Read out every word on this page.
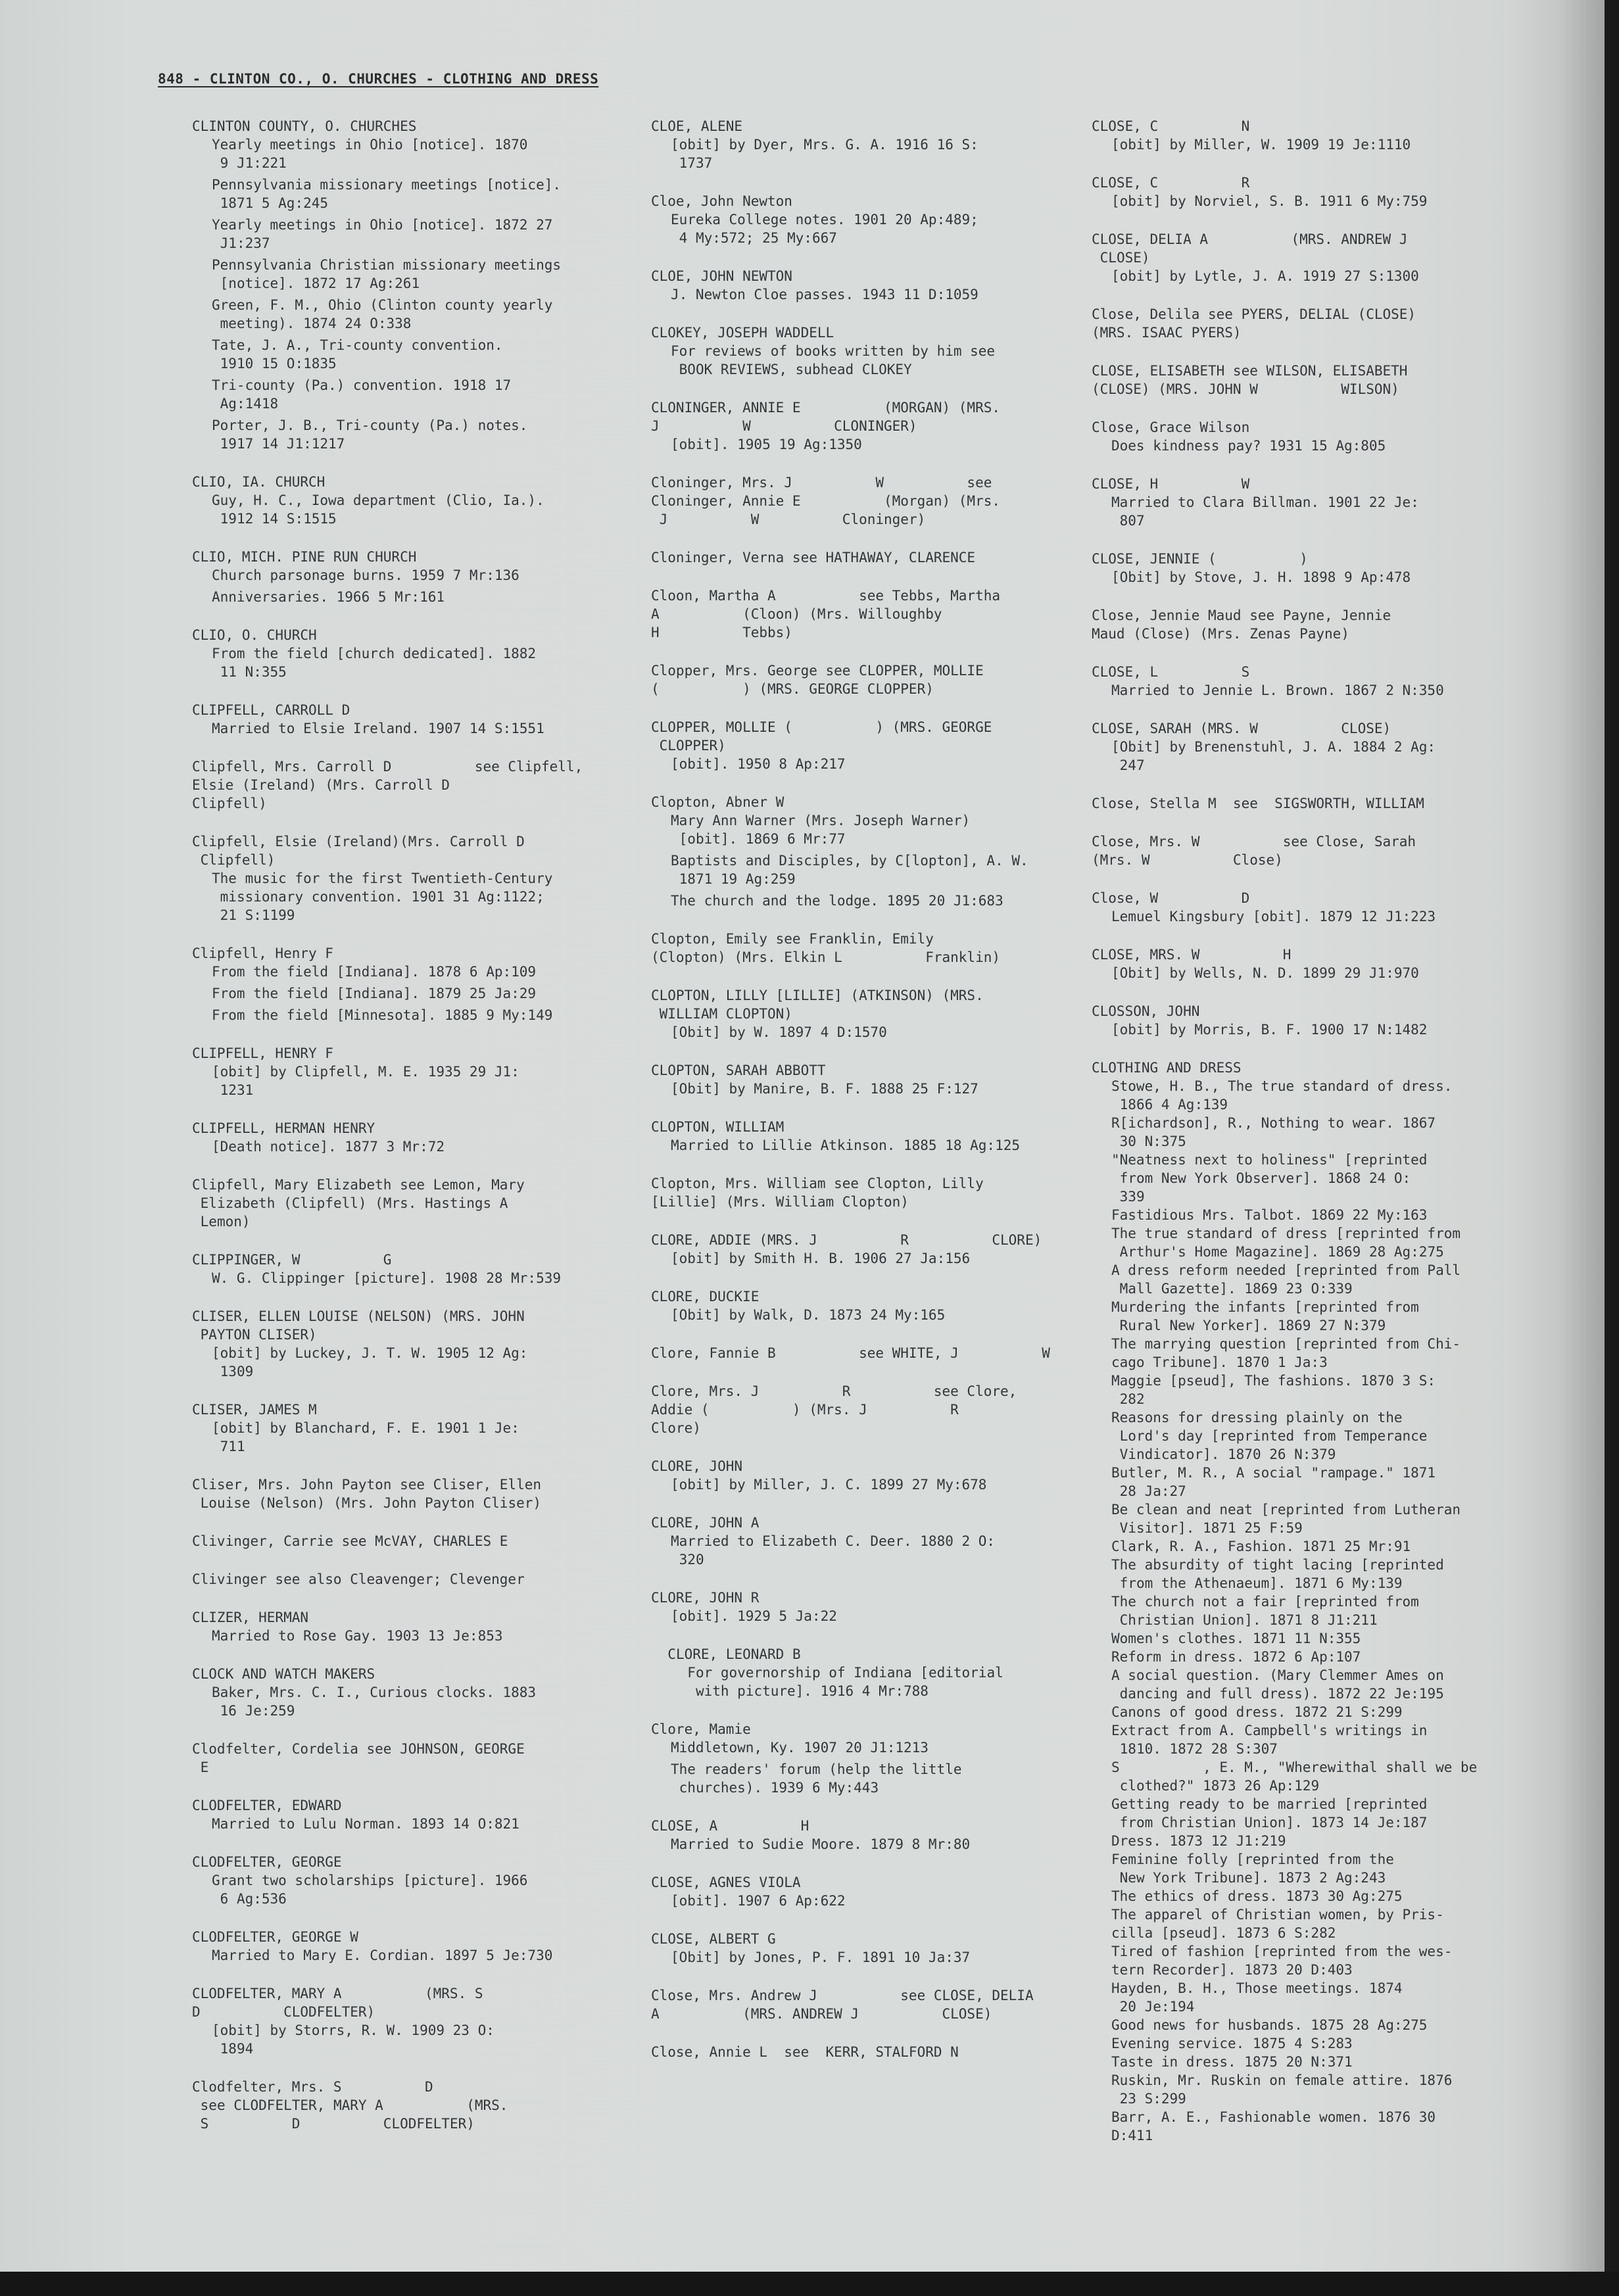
848 - CLINTON CO., O. CHURCHES - CLOTHING AND DRESS
CLINTON COUNTY, O. CHURCHES
Yearly meetings in Ohio [notice]. 1870
9 J1:221
Pennsylvania missionary meetings [notice].
1871 5 Ag:245
Yearly meetings in Ohio [notice]. 1872 27
J1:237
Pennsylvania Christian missionary meetings
[notice]. 1872 17 Ag:261
Green, F. M., Ohio (Clinton county yearly
meeting). 1874 24 O:338
Tate, J. A., Tri-county convention.
1910 15 O:1835
Tri-county (Pa.) convention. 1918 17
Ag:1418
Porter, J. B., Tri-county (Pa.) notes.
1917 14 J1:1217
CLIO, IA. CHURCH
Guy, H. C., Iowa department (Clio, Ia.).
1912 14 S:1515
CLIO, MICH. PINE RUN CHURCH
Church parsonage burns. 1959 7 Mr:136
Anniversaries. 1966 5 Mr:161
CLIO, O. CHURCH
From the field [church dedicated]. 1882
11 N:355
CLIPFELL, CARROLL D
Married to Elsie Ireland. 1907 14 S:1551
Clipfell, Mrs. Carroll D          see Clipfell,
Elsie (Ireland) (Mrs. Carroll D
Clipfell)
Clipfell, Elsie (Ireland)(Mrs. Carroll D
Clipfell)
The music for the first Twentieth-Century
missionary convention. 1901 31 Ag:1122;
21 S:1199
Clipfell, Henry F
From the field [Indiana]. 1878 6 Ap:109
From the field [Indiana]. 1879 25 Ja:29
From the field [Minnesota]. 1885 9 My:149
CLIPFELL, HENRY F
[obit] by Clipfell, M. E. 1935 29 J1:
1231
CLIPFELL, HERMAN HENRY
[Death notice]. 1877 3 Mr:72
Clipfell, Mary Elizabeth see Lemon, Mary
Elizabeth (Clipfell) (Mrs. Hastings A
Lemon)
CLIPPINGER, W          G
W. G. Clippinger [picture]. 1908 28 Mr:539
CLISER, ELLEN LOUISE (NELSON) (MRS. JOHN
PAYTON CLISER)
[obit] by Luckey, J. T. W. 1905 12 Ag:
1309
CLISER, JAMES M
[obit] by Blanchard, F. E. 1901 1 Je:
711
Cliser, Mrs. John Payton see Cliser, Ellen
Louise (Nelson) (Mrs. John Payton Cliser)
Clivinger, Carrie see McVAY, CHARLES E
Clivinger see also Cleavenger; Clevenger
CLIZER, HERMAN
Married to Rose Gay. 1903 13 Je:853
CLOCK AND WATCH MAKERS
Baker, Mrs. C. I., Curious clocks. 1883
16 Je:259
Clodfelter, Cordelia see JOHNSON, GEORGE
E
CLODFELTER, EDWARD
Married to Lulu Norman. 1893 14 O:821
CLODFELTER, GEORGE
Grant two scholarships [picture]. 1966
6 Ag:536
CLODFELTER, GEORGE W
Married to Mary E. Cordian. 1897 5 Je:730
CLODFELTER, MARY A          (MRS. S
D          CLODFELTER)
[obit] by Storrs, R. W. 1909 23 O:
1894
Clodfelter, Mrs. S          D
see CLODFELTER, MARY A          (MRS.
S          D          CLODFELTER)
CLOE, ALENE
[obit] by Dyer, Mrs. G. A. 1916 16 S:
1737
Cloe, John Newton
Eureka College notes. 1901 20 Ap:489;
4 My:572; 25 My:667
CLOE, JOHN NEWTON
J. Newton Cloe passes. 1943 11 D:1059
CLOKEY, JOSEPH WADDELL
For reviews of books written by him see
BOOK REVIEWS, subhead CLOKEY
CLONINGER, ANNIE E          (MORGAN) (MRS.
J          W          CLONINGER)
[obit]. 1905 19 Ag:1350
Cloninger, Mrs. J          W          see
Cloninger, Annie E          (Morgan) (Mrs.
J          W          Cloninger)
Cloninger, Verna see HATHAWAY, CLARENCE
Cloon, Martha A          see Tebbs, Martha
A          (Cloon) (Mrs. Willoughby
H          Tebbs)
Clopper, Mrs. George see CLOPPER, MOLLIE
(          ) (MRS. GEORGE CLOPPER)
CLOPPER, MOLLIE (          ) (MRS. GEORGE
CLOPPER)
[obit]. 1950 8 Ap:217
Clopton, Abner W
Mary Ann Warner (Mrs. Joseph Warner)
[obit]. 1869 6 Mr:77
Baptists and Disciples, by C[lopton], A. W.
1871 19 Ag:259
The church and the lodge. 1895 20 J1:683
Clopton, Emily see Franklin, Emily
(Clopton) (Mrs. Elkin L          Franklin)
CLOPTON, LILLY [LILLIE] (ATKINSON) (MRS.
WILLIAM CLOPTON)
[Obit] by W. 1897 4 D:1570
CLOPTON, SARAH ABBOTT
[Obit] by Manire, B. F. 1888 25 F:127
CLOPTON, WILLIAM
Married to Lillie Atkinson. 1885 18 Ag:125
Clopton, Mrs. William see Clopton, Lilly
[Lillie] (Mrs. William Clopton)
CLORE, ADDIE (MRS. J          R          CLORE)
[obit] by Smith H. B. 1906 27 Ja:156
CLORE, DUCKIE
[Obit] by Walk, D. 1873 24 My:165
Clore, Fannie B          see WHITE, J          W
Clore, Mrs. J          R          see Clore,
Addie (          ) (Mrs. J          R
Clore)
CLORE, JOHN
[obit] by Miller, J. C. 1899 27 My:678
CLORE, JOHN A
Married to Elizabeth C. Deer. 1880 2 O:
320
CLORE, JOHN R
[obit]. 1929 5 Ja:22
CLORE, LEONARD B
For governorship of Indiana [editorial
with picture]. 1916 4 Mr:788
Clore, Mamie
Middletown, Ky. 1907 20 J1:1213
The readers' forum (help the little
churches). 1939 6 My:443
CLOSE, A          H
Married to Sudie Moore. 1879 8 Mr:80
CLOSE, AGNES VIOLA
[obit]. 1907 6 Ap:622
CLOSE, ALBERT G
[Obit] by Jones, P. F. 1891 10 Ja:37
Close, Mrs. Andrew J          see CLOSE, DELIA
A          (MRS. ANDREW J          CLOSE)
Close, Annie L  see  KERR, STALFORD N
CLOSE, C          N
[obit] by Miller, W. 1909 19 Je:1110
CLOSE, C          R
[obit] by Norviel, S. B. 1911 6 My:759
CLOSE, DELIA A          (MRS. ANDREW J
CLOSE)
[obit] by Lytle, J. A. 1919 27 S:1300
Close, Delila see PYERS, DELIAL (CLOSE)
(MRS. ISAAC PYERS)
CLOSE, ELISABETH see WILSON, ELISABETH
(CLOSE) (MRS. JOHN W          WILSON)
Close, Grace Wilson
Does kindness pay? 1931 15 Ag:805
CLOSE, H          W
Married to Clara Billman. 1901 22 Je:
807
CLOSE, JENNIE (          )
[Obit] by Stove, J. H. 1898 9 Ap:478
Close, Jennie Maud see Payne, Jennie
Maud (Close) (Mrs. Zenas Payne)
CLOSE, L          S
Married to Jennie L. Brown. 1867 2 N:350
CLOSE, SARAH (MRS. W          CLOSE)
[Obit] by Brenenstuhl, J. A. 1884 2 Ag:
247
Close, Stella M  see  SIGSWORTH, WILLIAM
Close, Mrs. W          see Close, Sarah
(Mrs. W          Close)
Close, W          D
Lemuel Kingsbury [obit]. 1879 12 J1:223
CLOSE, MRS. W          H
[Obit] by Wells, N. D. 1899 29 J1:970
CLOSSON, JOHN
[obit] by Morris, B. F. 1900 17 N:1482
CLOTHING AND DRESS
Stowe, H. B., The true standard of dress.
1866 4 Ag:139
R[ichardson], R., Nothing to wear. 1867
30 N:375
"Neatness next to holiness" [reprinted
from New York Observer]. 1868 24 O:
339
Fastidious Mrs. Talbot. 1869 22 My:163
The true standard of dress [reprinted from
Arthur's Home Magazine]. 1869 28 Ag:275
A dress reform needed [reprinted from Pall
Mall Gazette]. 1869 23 O:339
Murdering the infants [reprinted from
Rural New Yorker]. 1869 27 N:379
The marrying question [reprinted from Chi-
cago Tribune]. 1870 1 Ja:3
Maggie [pseud], The fashions. 1870 3 S:
282
Reasons for dressing plainly on the
Lord's day [reprinted from Temperance
Vindicator]. 1870 26 N:379
Butler, M. R., A social "rampage." 1871
28 Ja:27
Be clean and neat [reprinted from Lutheran
Visitor]. 1871 25 F:59
Clark, R. A., Fashion. 1871 25 Mr:91
The absurdity of tight lacing [reprinted
from the Athenaeum]. 1871 6 My:139
The church not a fair [reprinted from
Christian Union]. 1871 8 J1:211
Women's clothes. 1871 11 N:355
Reform in dress. 1872 6 Ap:107
A social question. (Mary Clemmer Ames on
dancing and full dress). 1872 22 Je:195
Canons of good dress. 1872 21 S:299
Extract from A. Campbell's writings in
1810. 1872 28 S:307
S          , E. M., "Wherewithal shall we be
clothed?" 1873 26 Ap:129
Getting ready to be married [reprinted
from Christian Union]. 1873 14 Je:187
Dress. 1873 12 J1:219
Feminine folly [reprinted from the
New York Tribune]. 1873 2 Ag:243
The ethics of dress. 1873 30 Ag:275
The apparel of Christian women, by Pris-
cilla [pseud]. 1873 6 S:282
Tired of fashion [reprinted from the wes-
tern Recorder]. 1873 20 D:403
Hayden, B. H., Those meetings. 1874
20 Je:194
Good news for husbands. 1875 28 Ag:275
Evening service. 1875 4 S:283
Taste in dress. 1875 20 N:371
Ruskin, Mr. Ruskin on female attire. 1876
23 S:299
Barr, A. E., Fashionable women. 1876 30
D:411
